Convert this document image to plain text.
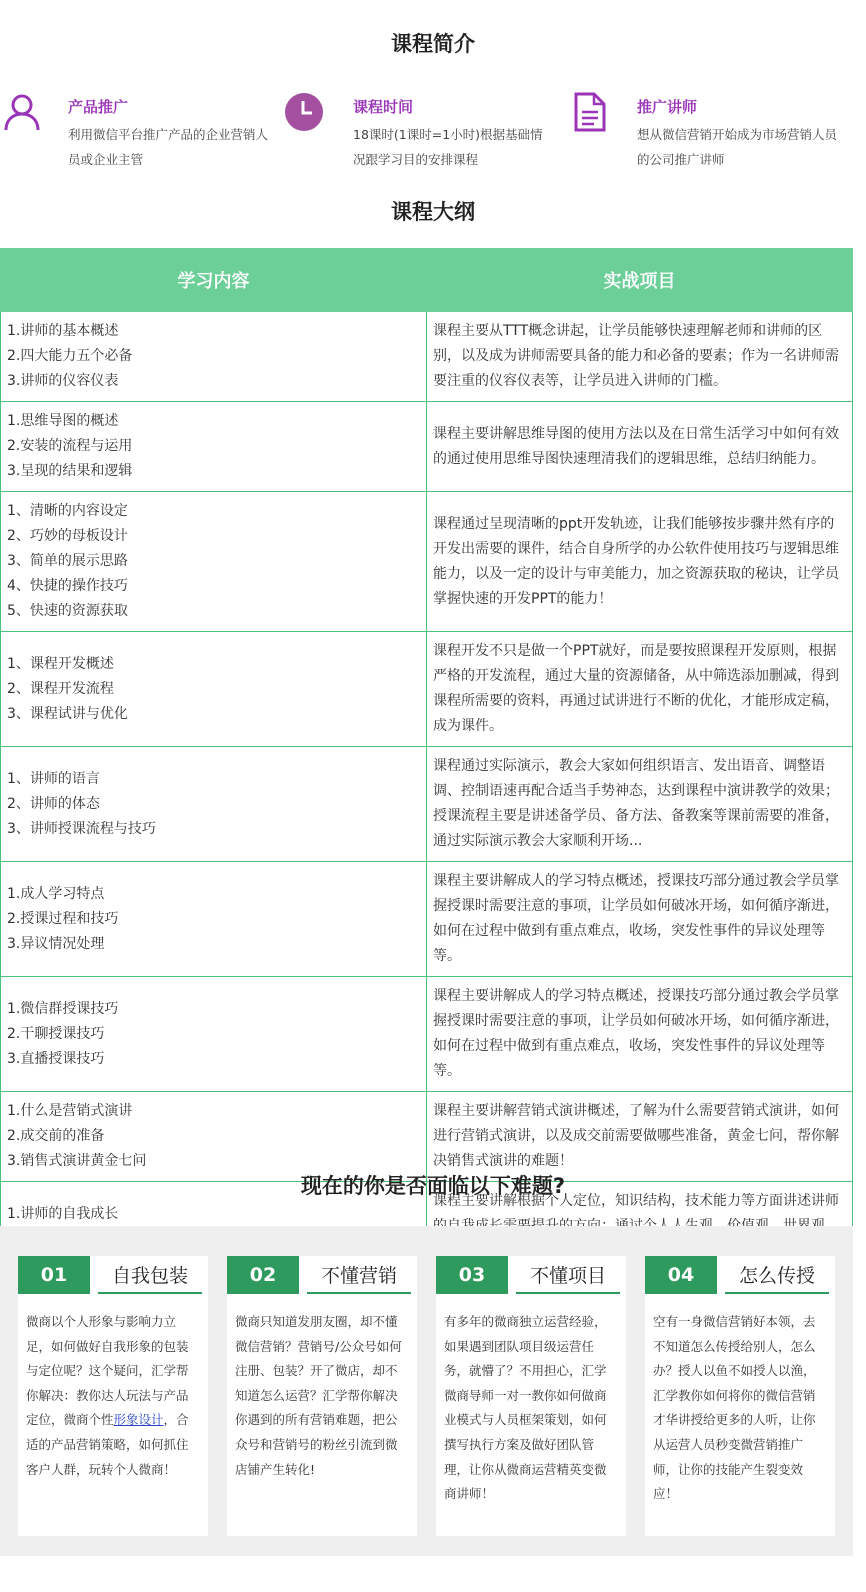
课程简介
产品推广
利用微信平台推广产品的企业营销人员或企业主管
课程时间
18课时(1课时=1小时)根据基础情况跟学习目的安排课程
推广讲师
想从微信营销开始成为市场营销人员的公司推广讲师
课程大纲
学习内容	实战项目

1.讲师的基本概述
2.四大能力五个必备
3.讲师的仪容仪表	课程主要从TTT概念讲起，让学员能够快速理解老师和讲师的区别，以及成为讲师需要具备的能力和必备的要素；作为一名讲师需要注重的仪容仪表等，让学员进入讲师的门槛。

1.思维导图的概述
2.安装的流程与运用
3.呈现的结果和逻辑	课程主要讲解思维导图的使用方法以及在日常生活学习中如何有效的通过使用思维导图快速理清我们的逻辑思维，总结归纳能力。

1、清晰的内容设定
2、巧妙的母板设计
3、简单的展示思路
4、快捷的操作技巧
5、快速的资源获取	课程通过呈现清晰的ppt开发轨迹，让我们能够按步骤井然有序的开发出需要的课件，结合自身所学的办公软件使用技巧与逻辑思维能力，以及一定的设计与审美能力，加之资源获取的秘诀，让学员掌握快速的开发PPT的能力！

1、课程开发概述
2、课程开发流程
3、课程试讲与优化	课程开发不只是做一个PPT就好，而是要按照课程开发原则，根据严格的开发流程，通过大量的资源储备，从中筛选添加删减，得到课程所需要的资料，再通过试讲进行不断的优化，才能形成定稿，成为课件。

1、讲师的语言
2、讲师的体态
3、讲师授课流程与技巧	课程通过实际演示，教会大家如何组织语言、发出语音、调整语调、控制语速再配合适当手势神态，达到课程中演讲教学的效果；授课流程主要是讲述备学员、备方法、备教案等课前需要的准备，通过实际演示教会大家顺利开场...

1.成人学习特点
2.授课过程和技巧
3.异议情况处理	课程主要讲解成人的学习特点概述，授课技巧部分通过教会学员掌握授课时需要注意的事项，让学员如何破冰开场，如何循序渐进，如何在过程中做到有重点难点，收场，突发性事件的异议处理等等。

1.微信群授课技巧
2.干聊授课技巧
3.直播授课技巧	课程主要讲解成人的学习特点概述，授课技巧部分通过教会学员掌握授课时需要注意的事项，让学员如何破冰开场，如何循序渐进，如何在过程中做到有重点难点，收场，突发性事件的异议处理等等。

1.什么是营销式演讲
2.成交前的准备
3.销售式演讲黄金七问	课程主要讲解营销式演讲概述，了解为什么需要营销式演讲，如何进行营销式演讲，以及成交前需要做哪些准备，黄金七问，帮你解决销售式演讲的难题！

1.讲师的自我成长	课程主要讲解根据个人定位，知识结构，技术能力等方面讲述讲师
现在的你是否面临以下难题?
01	自我包装
微商以个人形象与影响力立足，如何做好自我形象的包装与定位呢？这个疑问，汇学帮你解决：教你达人玩法与产品定位，微商个性形象设计，合适的产品营销策略，如何抓住客户人群，玩转个人微商！
02	不懂营销
微商只知道发朋友圈，却不懂微信营销？营销号/公众号如何注册、包装？开了微店，却不知道怎么运营？汇学帮你解决你遇到的所有营销难题，把公众号和营销号的粉丝引流到微店铺产生转化!
03	不懂项目
有多年的微商独立运营经验，如果遇到团队项目级运营任务，就懵了？不用担心，汇学微商导师一对一教你如何做商业模式与人员框架策划，如何撰写执行方案及做好团队管理，让你从微商运营精英变微商讲师！
04	怎么传授
空有一身微信营销好本领，去不知道怎么传授给别人，怎么办？授人以鱼不如授人以渔，汇学教你如何将你的微信营销才华讲授给更多的人听，让你从运营人员秒变微营销推广师，让你的技能产生裂变效应！
